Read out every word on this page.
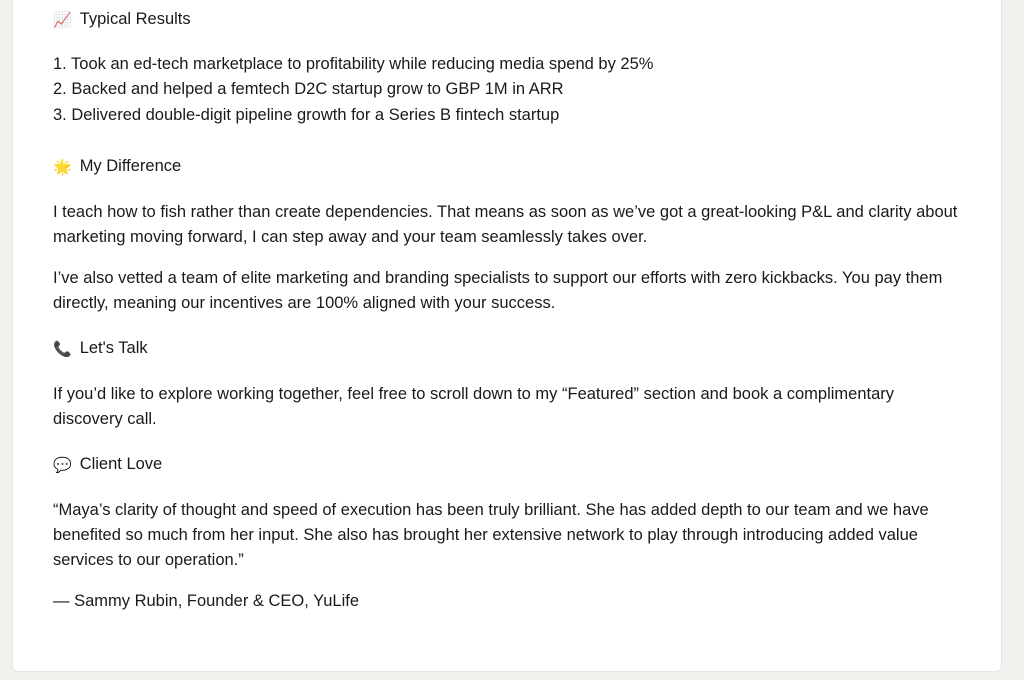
📈 Typical Results
1. Took an ed-tech marketplace to profitability while reducing media spend by 25%
2. Backed and helped a femtech D2C startup grow to GBP 1M in ARR
3. Delivered double-digit pipeline growth for a Series B fintech startup
🌟 My Difference

I teach how to fish rather than create dependencies. That means as soon as we’ve got a great-looking P&L and clarity about marketing moving forward, I can step away and your team seamlessly takes over.

I’ve also vetted a team of elite marketing and branding specialists to support our efforts with zero kickbacks. You pay them directly, meaning our incentives are 100% aligned with your success.

📞 Let's Talk

If you’d like to explore working together, feel free to scroll down to my “Featured” section and book a complimentary discovery call.

💬 Client Love

“Maya’s clarity of thought and speed of execution has been truly brilliant. She has added depth to our team and we have benefited so much from her input. She also has brought her extensive network to play through introducing added value services to our operation.”

— Sammy Rubin, Founder & CEO, YuLife
